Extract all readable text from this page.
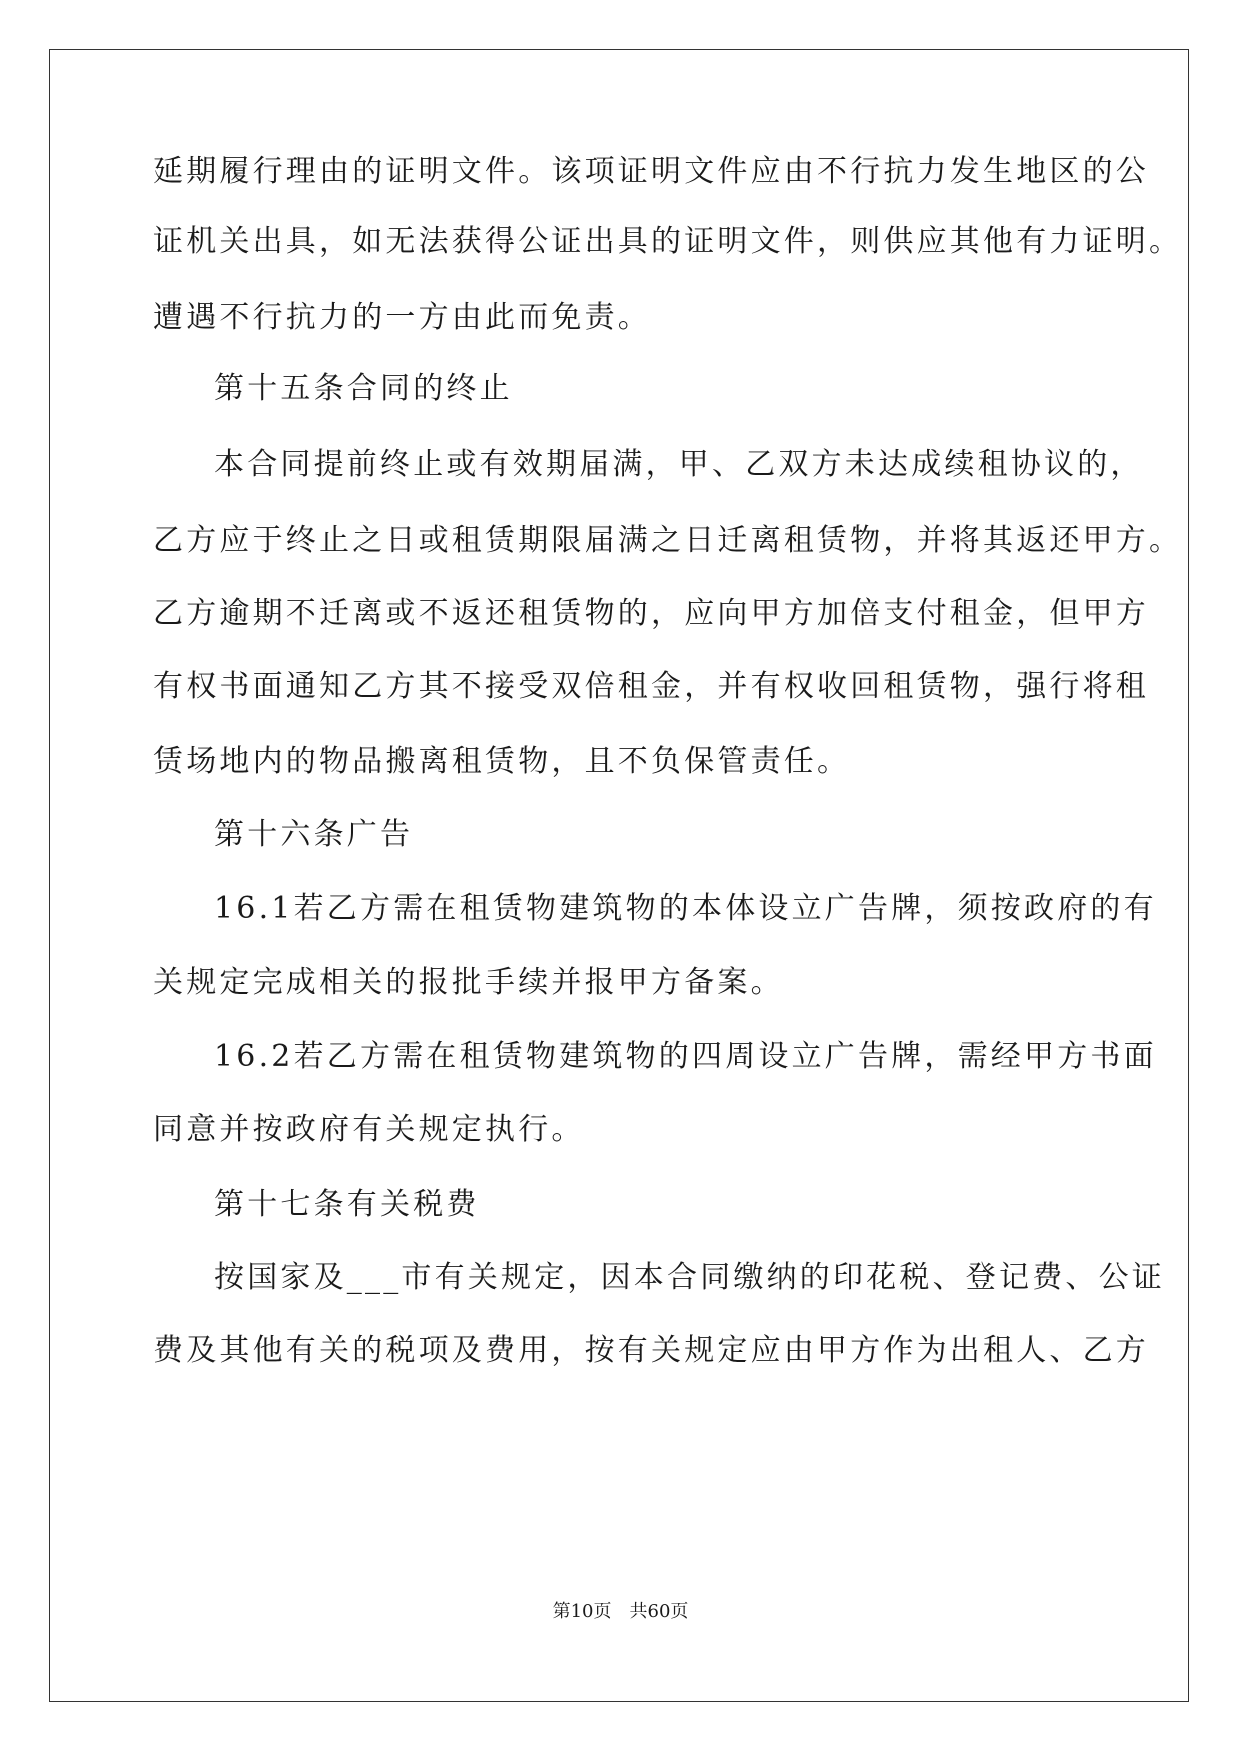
延期履行理由的证明文件。该项证明文件应由不行抗力发生地区的公
证机关出具，如无法获得公证出具的证明文件，则供应其他有力证明。
遭遇不行抗力的一方由此而免责。
第十五条合同的终止
本合同提前终止或有效期届满，甲、乙双方未达成续租协议的，
乙方应于终止之日或租赁期限届满之日迁离租赁物，并将其返还甲方。
乙方逾期不迁离或不返还租赁物的，应向甲方加倍支付租金，但甲方
有权书面通知乙方其不接受双倍租金，并有权收回租赁物，强行将租
赁场地内的物品搬离租赁物，且不负保管责任。
第十六条广告
16.1若乙方需在租赁物建筑物的本体设立广告牌，须按政府的有
关规定完成相关的报批手续并报甲方备案。
16.2若乙方需在租赁物建筑物的四周设立广告牌，需经甲方书面
同意并按政府有关规定执行。
第十七条有关税费
按国家及___市有关规定，因本合同缴纳的印花税、登记费、公证
费及其他有关的税项及费用，按有关规定应由甲方作为出租人、乙方
第10页 共60页
